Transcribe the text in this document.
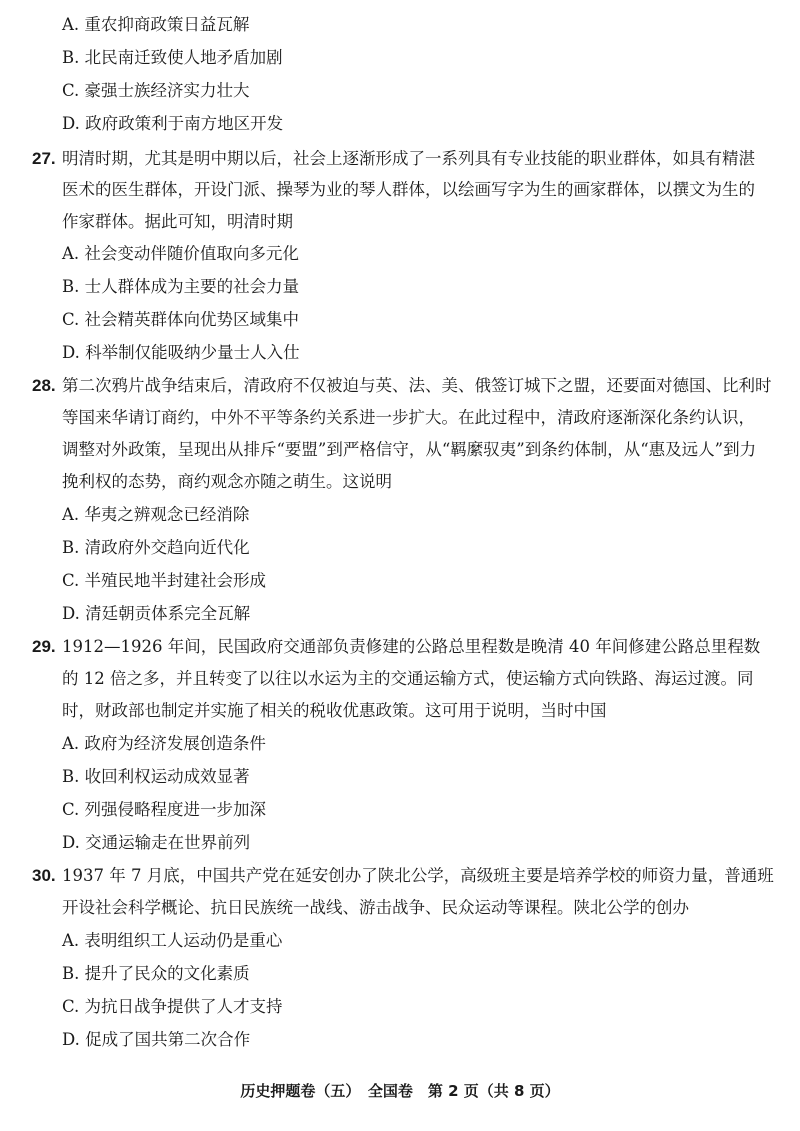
A. 重农抑商政策日益瓦解
B. 北民南迁致使人地矛盾加剧
C. 豪强士族经济实力壮大
D. 政府政策利于南方地区开发
27. 明清时期，尤其是明中期以后，社会上逐渐形成了一系列具有专业技能的职业群体，如具有精湛
医术的医生群体，开设门派、操琴为业的琴人群体，以绘画写字为生的画家群体，以撰文为生的
作家群体。据此可知，明清时期
A. 社会变动伴随价值取向多元化
B. 士人群体成为主要的社会力量
C. 社会精英群体向优势区域集中
D. 科举制仅能吸纳少量士人入仕
28. 第二次鸦片战争结束后，清政府不仅被迫与英、法、美、俄签订城下之盟，还要面对德国、比利时
等国来华请订商约，中外不平等条约关系进一步扩大。在此过程中，清政府逐渐深化条约认识，
调整对外政策，呈现出从排斥“要盟”到严格信守，从“羁縻驭夷”到条约体制，从“惠及远人”到力
挽利权的态势，商约观念亦随之萌生。这说明
A. 华夷之辨观念已经消除
B. 清政府外交趋向近代化
C. 半殖民地半封建社会形成
D. 清廷朝贡体系完全瓦解
29. 1912—1926 年间，民国政府交通部负责修建的公路总里程数是晚清 40 年间修建公路总里程数
的 12 倍之多，并且转变了以往以水运为主的交通运输方式，使运输方式向铁路、海运过渡。同
时，财政部也制定并实施了相关的税收优惠政策。这可用于说明，当时中国
A. 政府为经济发展创造条件
B. 收回利权运动成效显著
C. 列强侵略程度进一步加深
D. 交通运输走在世界前列
30. 1937 年 7 月底，中国共产党在延安创办了陕北公学，高级班主要是培养学校的师资力量，普通班
开设社会科学概论、抗日民族统一战线、游击战争、民众运动等课程。陕北公学的创办
A. 表明组织工人运动仍是重心
B. 提升了民众的文化素质
C. 为抗日战争提供了人才支持
D. 促成了国共第二次合作
历史押题卷（五）　全国卷　第 2 页（共 8 页）
